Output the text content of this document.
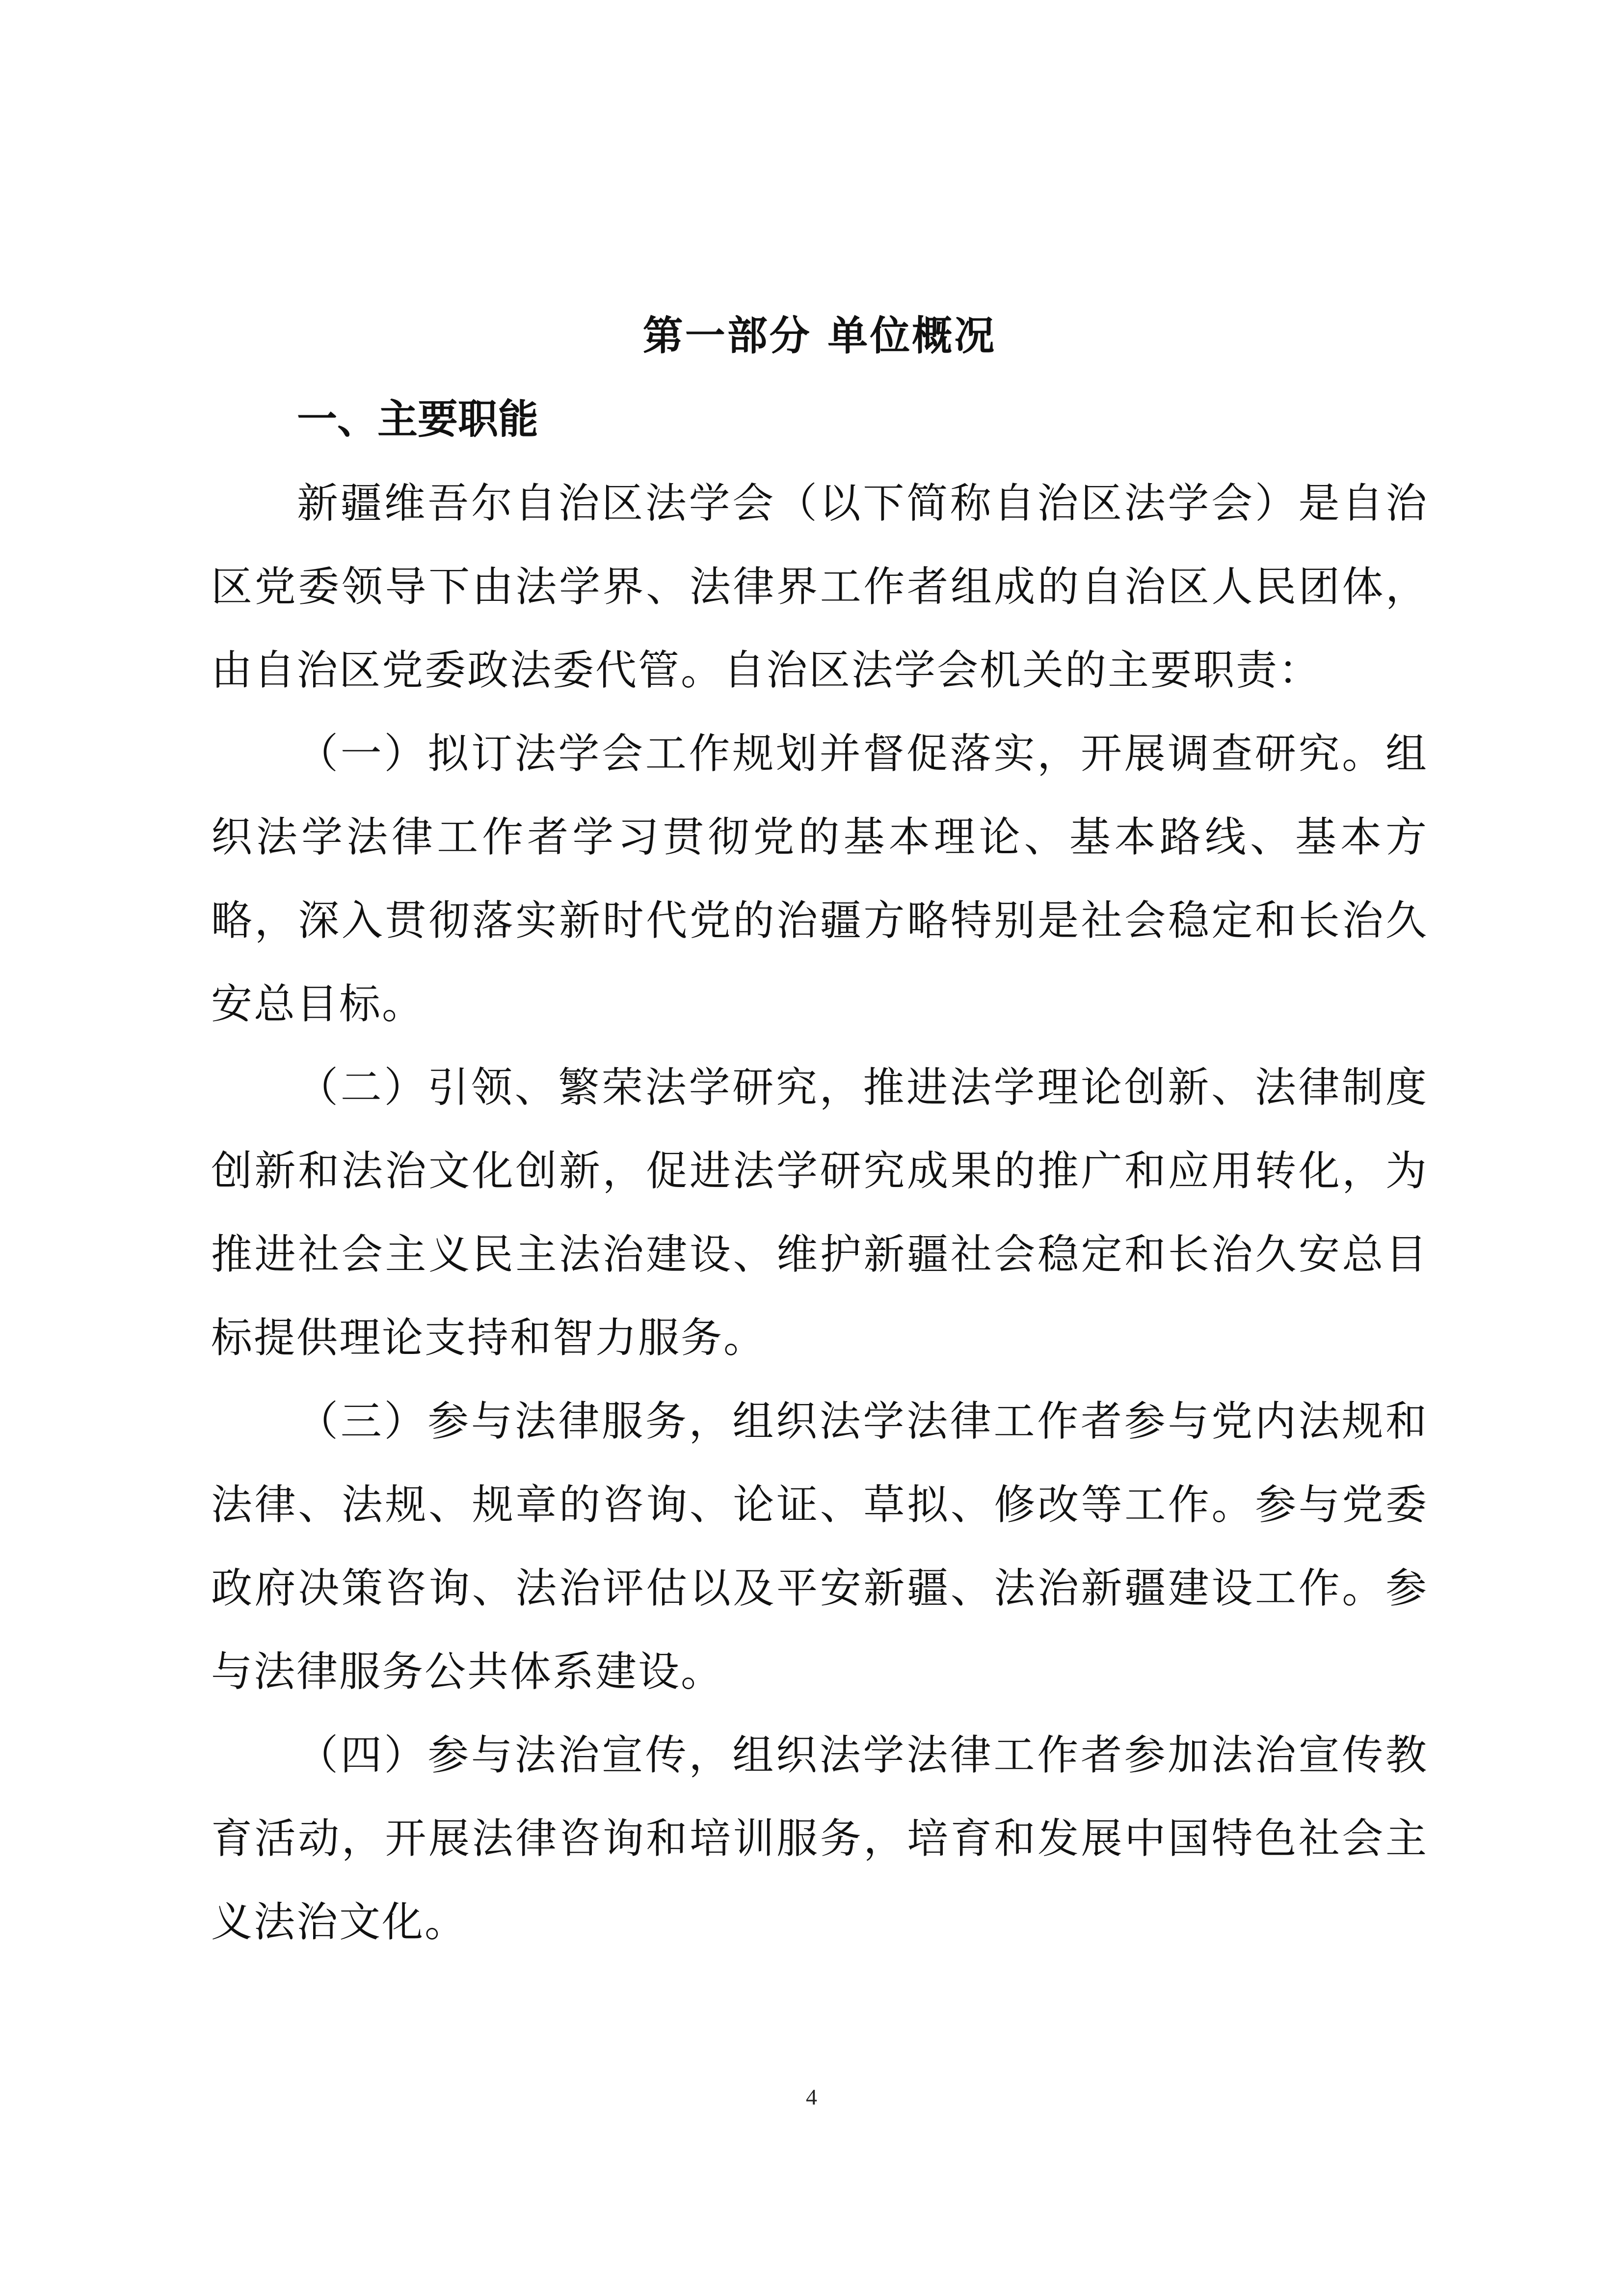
第一部分 单位概况
一、主要职能

新疆维吾尔自治区法学会（以下简称自治区法学会）是自治区党委领导下由法学界、法律界工作者组成的自治区人民团体，由自治区党委政法委代管。自治区法学会机关的主要职责：

（一）拟订法学会工作规划并督促落实，开展调查研究。组织法学法律工作者学习贯彻党的基本理论、基本路线、基本方略，深入贯彻落实新时代党的治疆方略特别是社会稳定和长治久安总目标。

（二）引领、繁荣法学研究，推进法学理论创新、法律制度创新和法治文化创新，促进法学研究成果的推广和应用转化，为推进社会主义民主法治建设、维护新疆社会稳定和长治久安总目标提供理论支持和智力服务。

（三）参与法律服务，组织法学法律工作者参与党内法规和法律、法规、规章的咨询、论证、草拟、修改等工作。参与党委政府决策咨询、法治评估以及平安新疆、法治新疆建设工作。参与法律服务公共体系建设。

（四）参与法治宣传，组织法学法律工作者参加法治宣传教育活动，开展法律咨询和培训服务，培育和发展中国特色社会主义法治文化。

4
